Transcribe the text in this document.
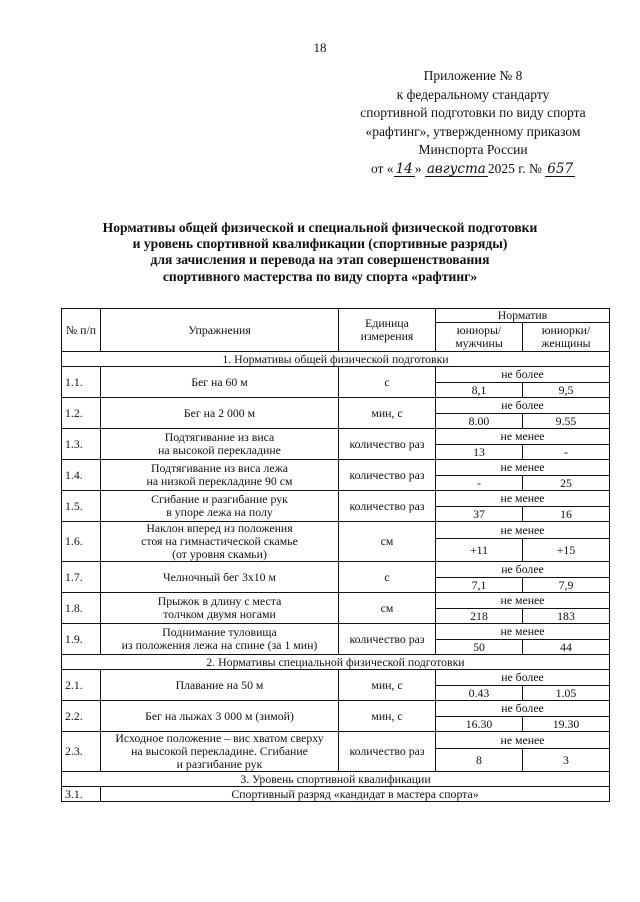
18
Приложение № 8
к федеральному стандарту
спортивной подготовки по виду спорта
«рафтинг», утвержденному приказом
Минспорта России
от « 14 » августа 2025 г. № 657
Нормативы общей физической и специальной физической подготовки
и уровень спортивной квалификации (спортивные разряды)
для зачисления и перевода на этап совершенствования
спортивного мастерства по виду спорта «рафтинг»
№ п/п	Упражнения	Единица измерения	Норматив	
			юниоры/ мужчины	юниорки/ женщины
1. Нормативы общей физической подготовки				
1.1.	Бег на 60 м	с	не более	
			8,1	9,5
1.2.	Бег на 2 000 м	мин, с	не более	
			8.00	9.55
1.3.	Подтягивание из виса
на высокой перекладине	количество раз	не менее	
			13	-
1.4.	Подтягивание из виса лежа
на низкой перекладине 90 см	количество раз	не менее	
			-	25
1.5.	Сгибание и разгибание рук
в упоре лежа на полу	количество раз	не менее	
			37	16
1.6.	Наклон вперед из положения
стоя на гимнастической скамье
(от уровня скамьи)	см	не менее	
			+11	+15
1.7.	Челночный бег 3х10 м	с	не более	
			7,1	7,9
1.8.	Прыжок в длину с места
толчком двумя ногами	см	не менее	
			218	183
1.9.	Поднимание туловища
из положения лежа на спине (за 1 мин)	количество раз	не менее	
			50	44
2. Нормативы специальной физической подготовки				
2.1.	Плавание на 50 м	мин, с	не более	
			0.43	1.05
2.2.	Бег на лыжах 3 000 м (зимой)	мин, с	не более	
			16.30	19.30
2.3.	Исходное положение – вис хватом сверху
на высокой перекладине. Сгибание
и разгибание рук	количество раз	не менее	
			8	3
3. Уровень спортивной квалификации				
3.1.	Спортивный разряд «кандидат в мастера спорта»			
